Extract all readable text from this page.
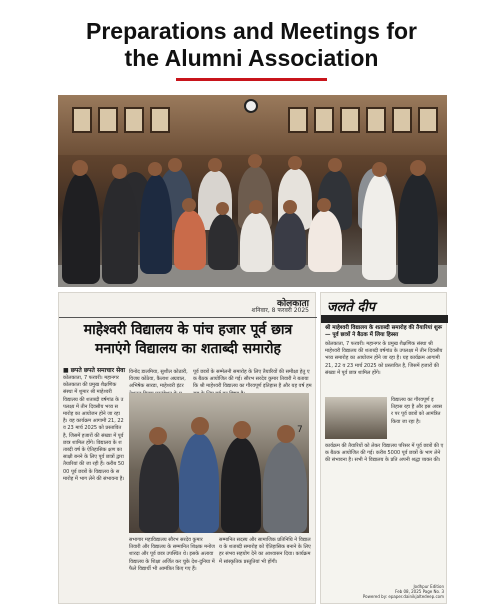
Preparations and Meetings for
the Alumni Association
कोलकाता
शनिवार, 8 फरवरी 2025
माहेश्वरी विद्यालय के पांच हजार पूर्व छात्र
मनाएंगे विद्यालय का शताब्दी समारोह
■ छपते छपते समाचार सेवा
कोलकाता, 7 फरवरी। महानगर कोलकाता की प्रमुख शैक्षणिक संस्था में शुमार श्री माहेश्वरी विद्यालय की शताब्दी वर्षगांठ के उपलक्ष्य में तीन दिवसीय भव्य समारोह का आयोजन होने जा रहा है। यह कार्यक्रम आगामी 21, 22 व 23 मार्च 2025 को प्रस्तावित है, जिसमें हजारों की संख्या में पूर्व छात्र शामिल होंगे। विद्यालय के शताब्दी वर्ष के ऐतिहासिक क्षण का साक्षी बनने के लिए पूर्व छात्रों द्वारा तैयारियां की जा रही हैं। करीब 5000 पूर्व छात्रों के विद्यालय के समारोह में भाग लेने की संभावना है।
विनोद डालमिया, सुशील कोठारी, विजय कोठेवा, कैलाश अग्रवाल, अभिषेक सारडा, माहेश्वरी इंटर
पूर्व छात्रों के सम्मेलनी समारोह के लिए तैयारियों की समीक्षा हेतु एक बैठक आयोजित की गई। सौरभ सरदेव कुमार तिवारी ने बताया कि श्री माहेश्वरी विद्यालय का गौरवपूर्ण इतिहास है और यह वर्ष हम
7
सभागार महाविद्यालय सौरभ सरदेव कुमार तिवारी और विद्यालय के सम्मानित शिक्षक मनोज शारदा और पूर्व छात्र उपस्थित थे। इसके अलावा विद्यालय के शिक्षा अर्जित कर चुके देश-दुनिया में फैले विद्यार्थी भी आमंत्रित किए गए हैं।
सम्मानित सदस्य और सामाजिक प्रतिनिधि ने विद्यालय के शताब्दी समारोह को ऐतिहासिक बनाने के लिए हर संभव सहयोग देने का आश्वासन दिया। कार्यक्रम में सांस्कृतिक प्रस्तुतियां भी होंगी।
जलते दीप
श्री माहेश्वरी विद्यालय के शताब्दी समारोह की तैयारियां शुरू — पूर्व छात्रों ने बैठक में लिया हिस्सा
कोलकाता, 7 फरवरी। महानगर के प्रमुख शैक्षणिक संस्था श्री माहेश्वरी विद्यालय की शताब्दी वर्षगांठ के उपलक्ष्य में तीन दिवसीय भव्य समारोह का आयोजन होने जा रहा है। यह कार्यक्रम आगामी 21, 22 व 23 मार्च 2025 को प्रस्तावित है, जिसमें हजारों की संख्या में पूर्व छात्र शामिल होंगे।
विद्यालय का गौरवपूर्ण इतिहास रहा है और इस अवसर पर पूर्व छात्रों को आमंत्रित किया जा रहा है।
कार्यक्रम की तैयारियों को लेकर विद्यालय परिसर में पूर्व छात्रों की एक बैठक आयोजित की गई। करीब 5000 पूर्व छात्रों के भाग लेने की संभावना है। सभी ने विद्यालय के प्रति अपनी श्रद्धा व्यक्त की।
Jodhpur Edition
Feb 08, 2025 Page No. 3
Powered by: epaper.dainikjaltedeep.com
